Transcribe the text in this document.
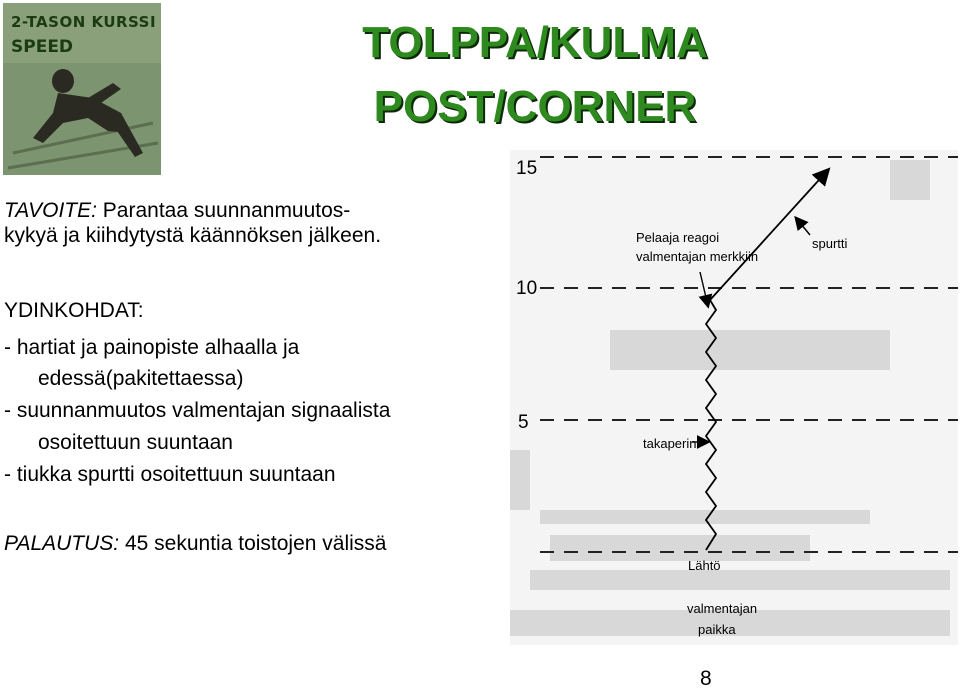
2-TASON KURSSI
SPEED	TOLPPA/KULMA
POST/CORNER
TAVOITE: Parantaa suunnanmuutos-
kykyä ja kiihdytystä käännöksen jälkeen.
YDINKOHDAT:
- hartiat ja painopiste alhaalla ja
edessä(pakitettaessa)
- suunnanmuutos valmentajan signaalista
osoitettuun suuntaan
- tiukka spurtti osoitettuun suuntaan
PALAUTUS: 45 sekuntia toistojen välissä
15
10
5
Pelaaja reagoi
valmentajan merkkiin
spurtti
takaperin
Lähtö
valmentajan
paikka
8
